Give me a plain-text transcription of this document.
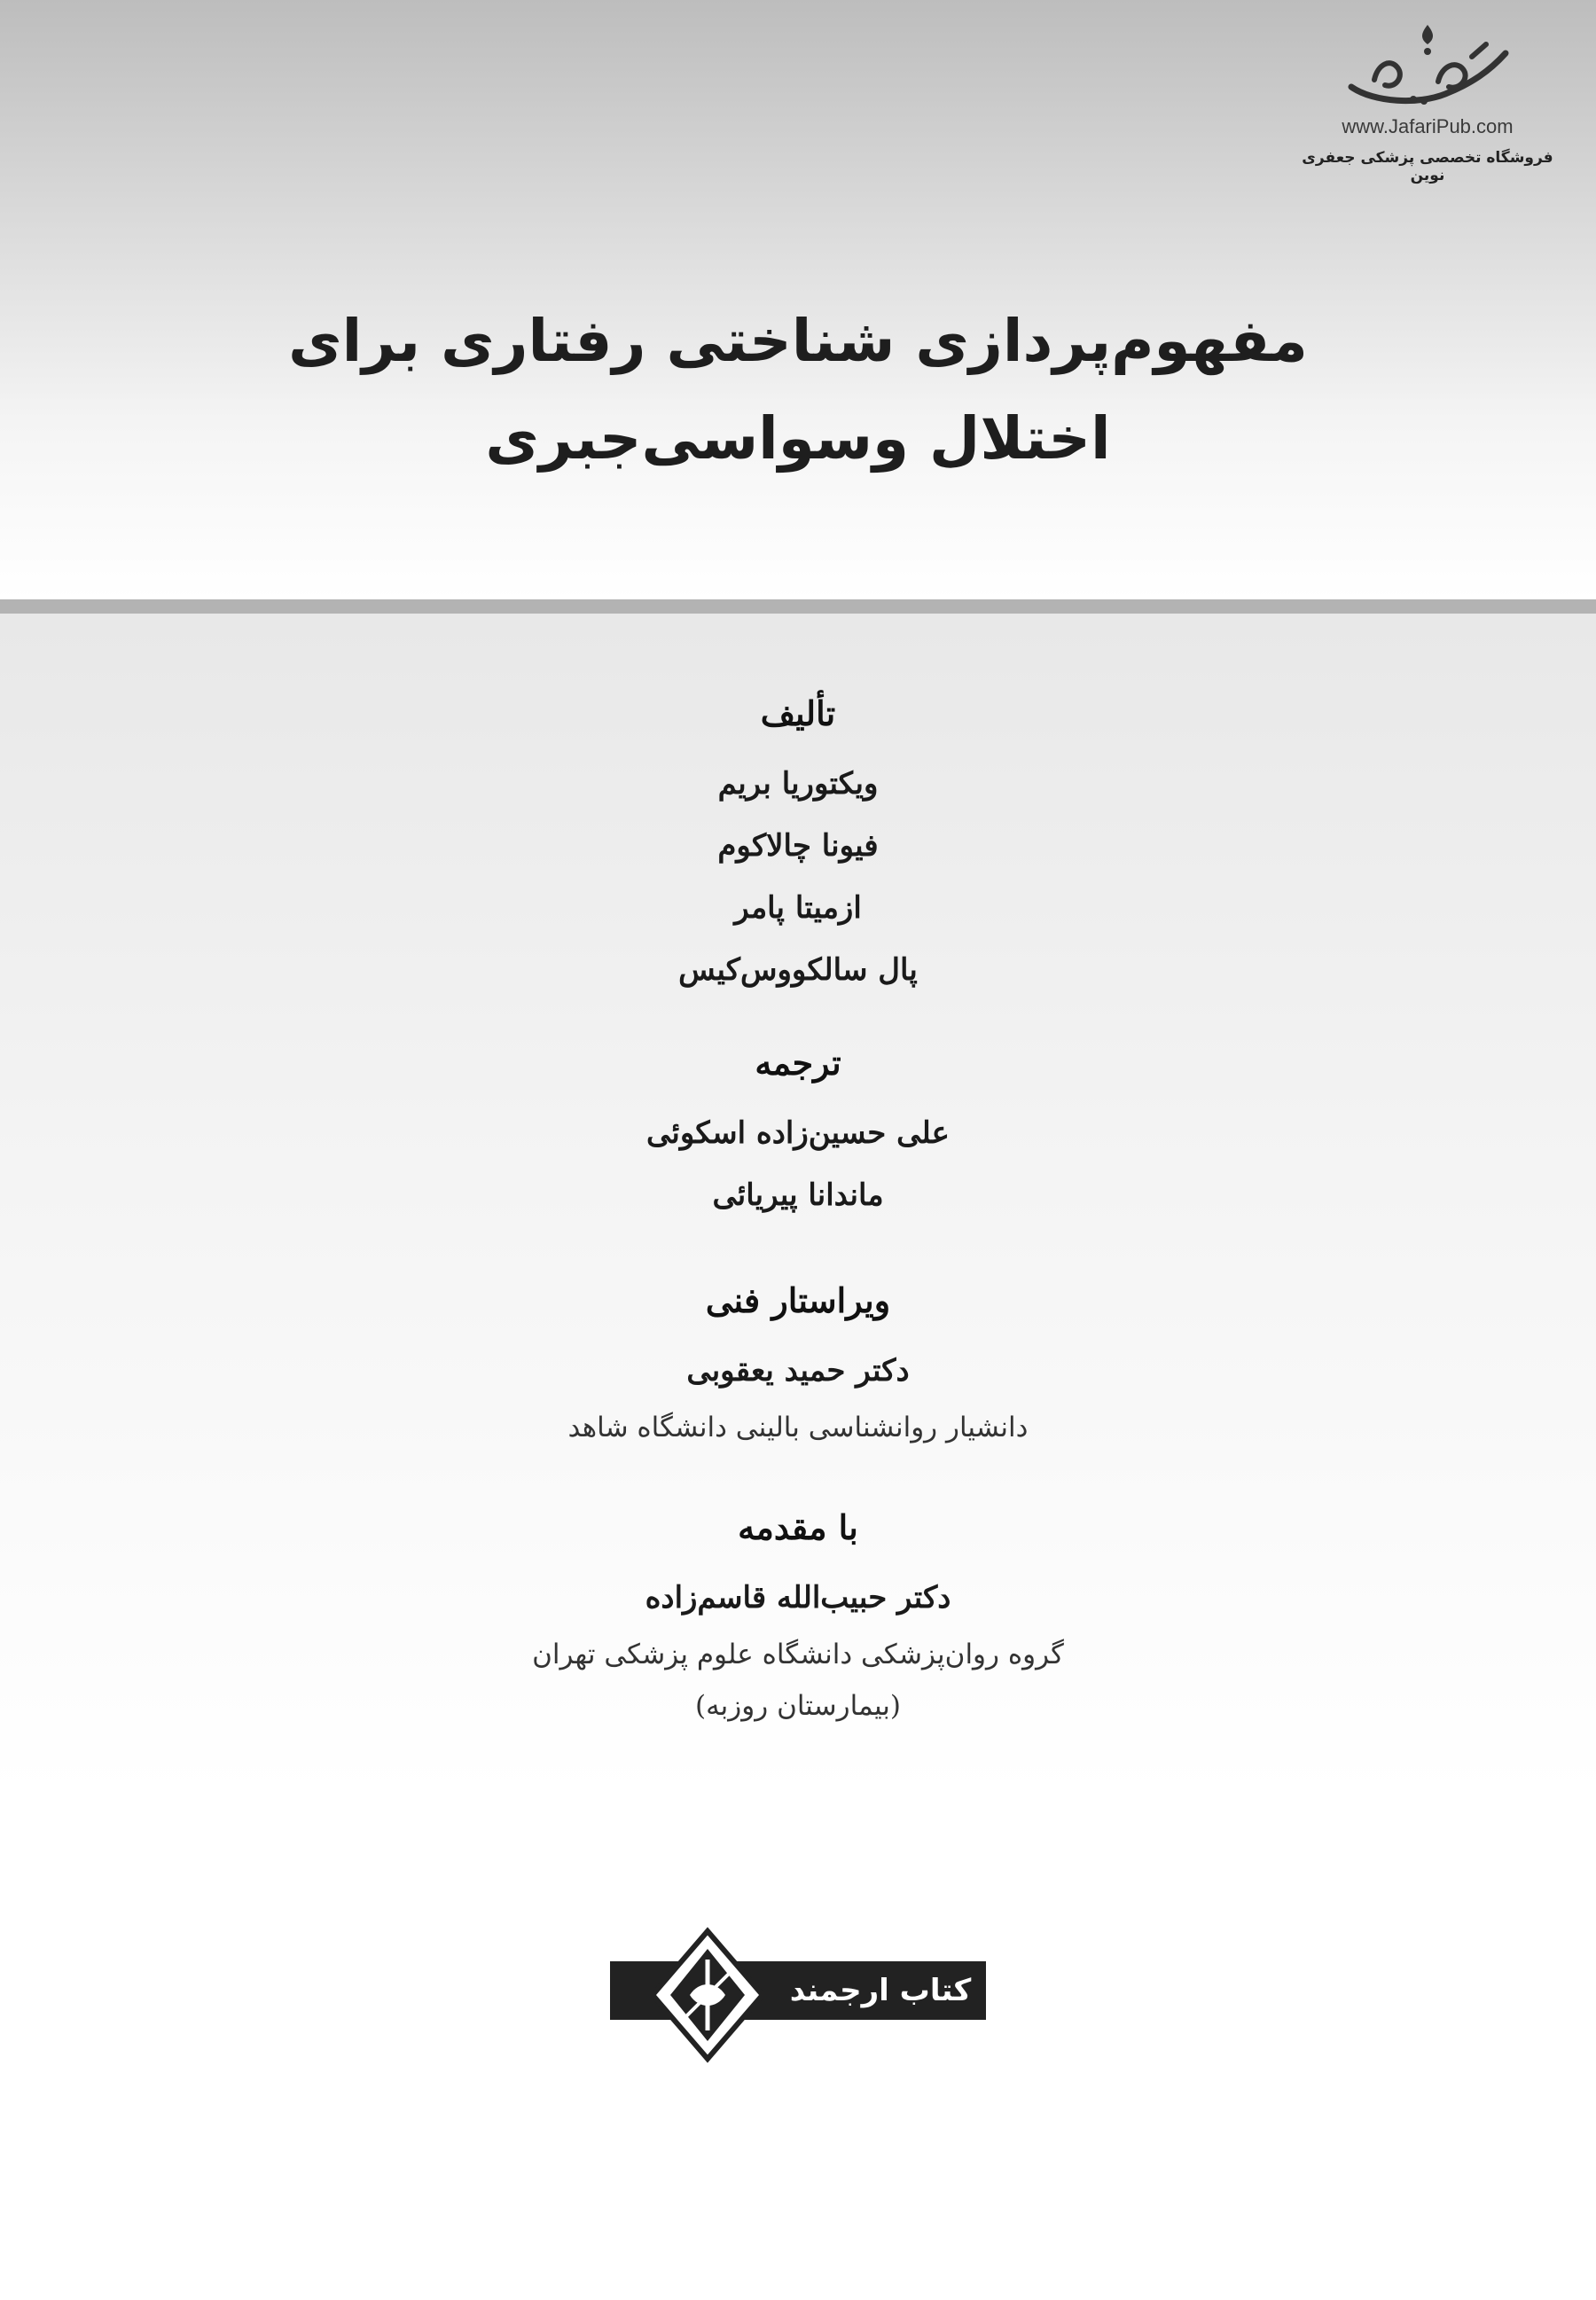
www.JafariPub.com
فروشگاه تخصصی پزشکی جعفری نوین
مفهوم‌پردازی شناختی رفتاری برای
اختلال وسواسی‌جبری

تألیف

ویکتوریا بریم

فیونا چالاکوم

ازمیتا پامر

پال سالکووس‌کیس

ترجمه

علی حسین‌زاده اسکوئی

ماندانا پیریائی

ویراستار فنی

دکتر حمید یعقوبی

دانشیار روانشناسی بالینی دانشگاه شاهد

با مقدمه

دکتر حبیب‌الله قاسم‌زاده

گروه روان‌پزشکی دانشگاه علوم پزشکی تهران

(بیمارستان روزبه)

کتاب ارجمند
